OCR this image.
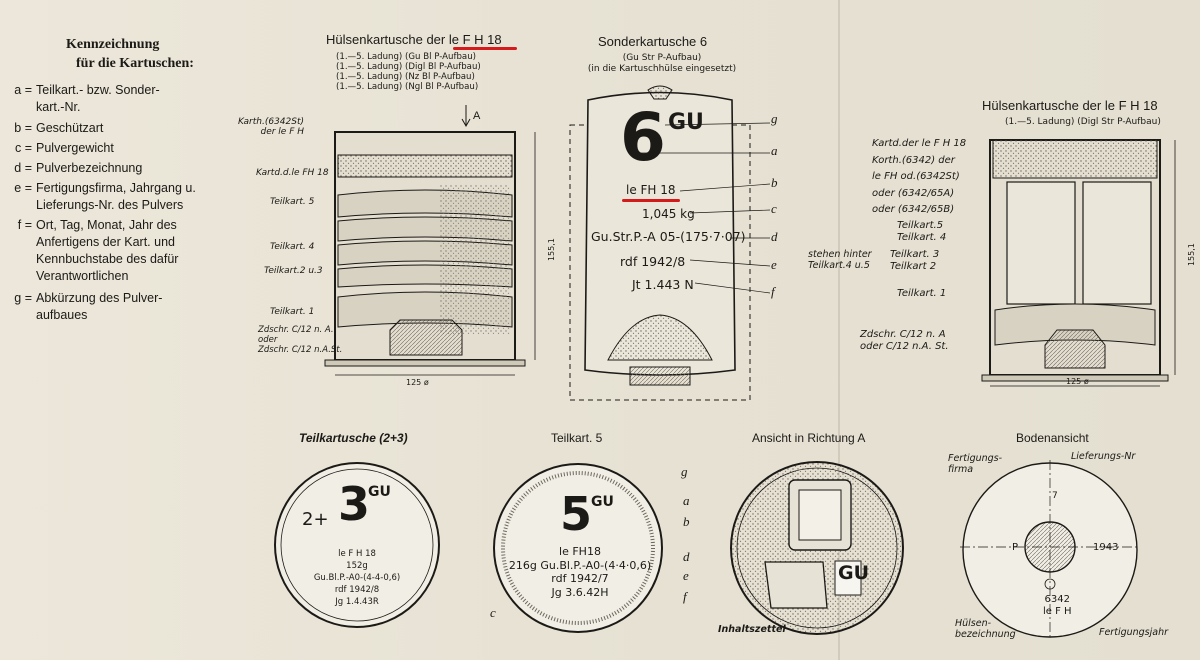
Kennzeichnung
für die Kartuschen:
a = Teilkart.- bzw. Sonder-
kart.-Nr.
b = Geschützart
c = Pulvergewicht
d = Pulverbezeichnung
e = Fertigungsfirma, Jahrgang u.
Lieferungs-Nr. des Pulvers
f = Ort, Tag, Monat, Jahr des
Anfertigens der Kart. und
Kennbuchstabe des dafür
Verantwortlichen
g = Abkürzung des Pulver-
aufbaues
Hülsenkartusche der le F H 18
(1.—5. Ladung) (Gu Bl P-Aufbau)
(1.—5. Ladung) (Digl Bl P-Aufbau)
(1.—5. Ladung) (Nz Bl P-Aufbau)
(1.—5. Ladung) (Ngl Bl P-Aufbau)
A
Karth.(6342St)
der le F H
Kartd.d.le FH 18
Teilkart. 5
Teilkart. 4
Teilkart.2 u.3
Teilkart. 1
Zdschr. C/12 n. A.
oder
Zdschr. C/12 n.A.St.
155,1
125 ø
Sonderkartusche 6
(Gu Str P-Aufbau)
(in die Kartuschhülse eingesetzt)
6 GU
le FH 18
1,045 kg
Gu.Str.P.-A 05-(175·7·07)
rdf 1942/8
Jt 1.443 N
g
a
b
c
d
e
f
Hülsenkartusche der le F H 18
(1.—5. Ladung) (Digl Str P-Aufbau)
Kartd.der le F H 18
Korth.(6342) der
le FH od.(6342St)
oder (6342/65A)
oder (6342/65B)
Teilkart.5
Teilkart. 4
stehen hinter
Teilkart.4 u.5
Teilkart. 3
Teilkart 2
Teilkart. 1
Zdschr. C/12 n. A
oder C/12 n.A. St.
155,1
125 ø
Teilkartusche (2+3)
2+ 3
GU
le F H 18
152g
Gu.Bl.P.-A0-(4-4-0,6)
rdf 1942/8
Jg 1.4.43R
Teilkart. 5
5
GU
le FH18
216g Gu.Bl.P.-A0-(4·4·0,6)
rdf 1942/7
Jg 3.6.42H
g
a
b
d
e
f
c
Ansicht in Richtung A
GU
Inhaltszettel
Bodenansicht
Fertigungs-
firma
Lieferungs-Nr
P
7
1943
6342
le F H
Hülsen-
bezeichnung	Fertigungsjahr
